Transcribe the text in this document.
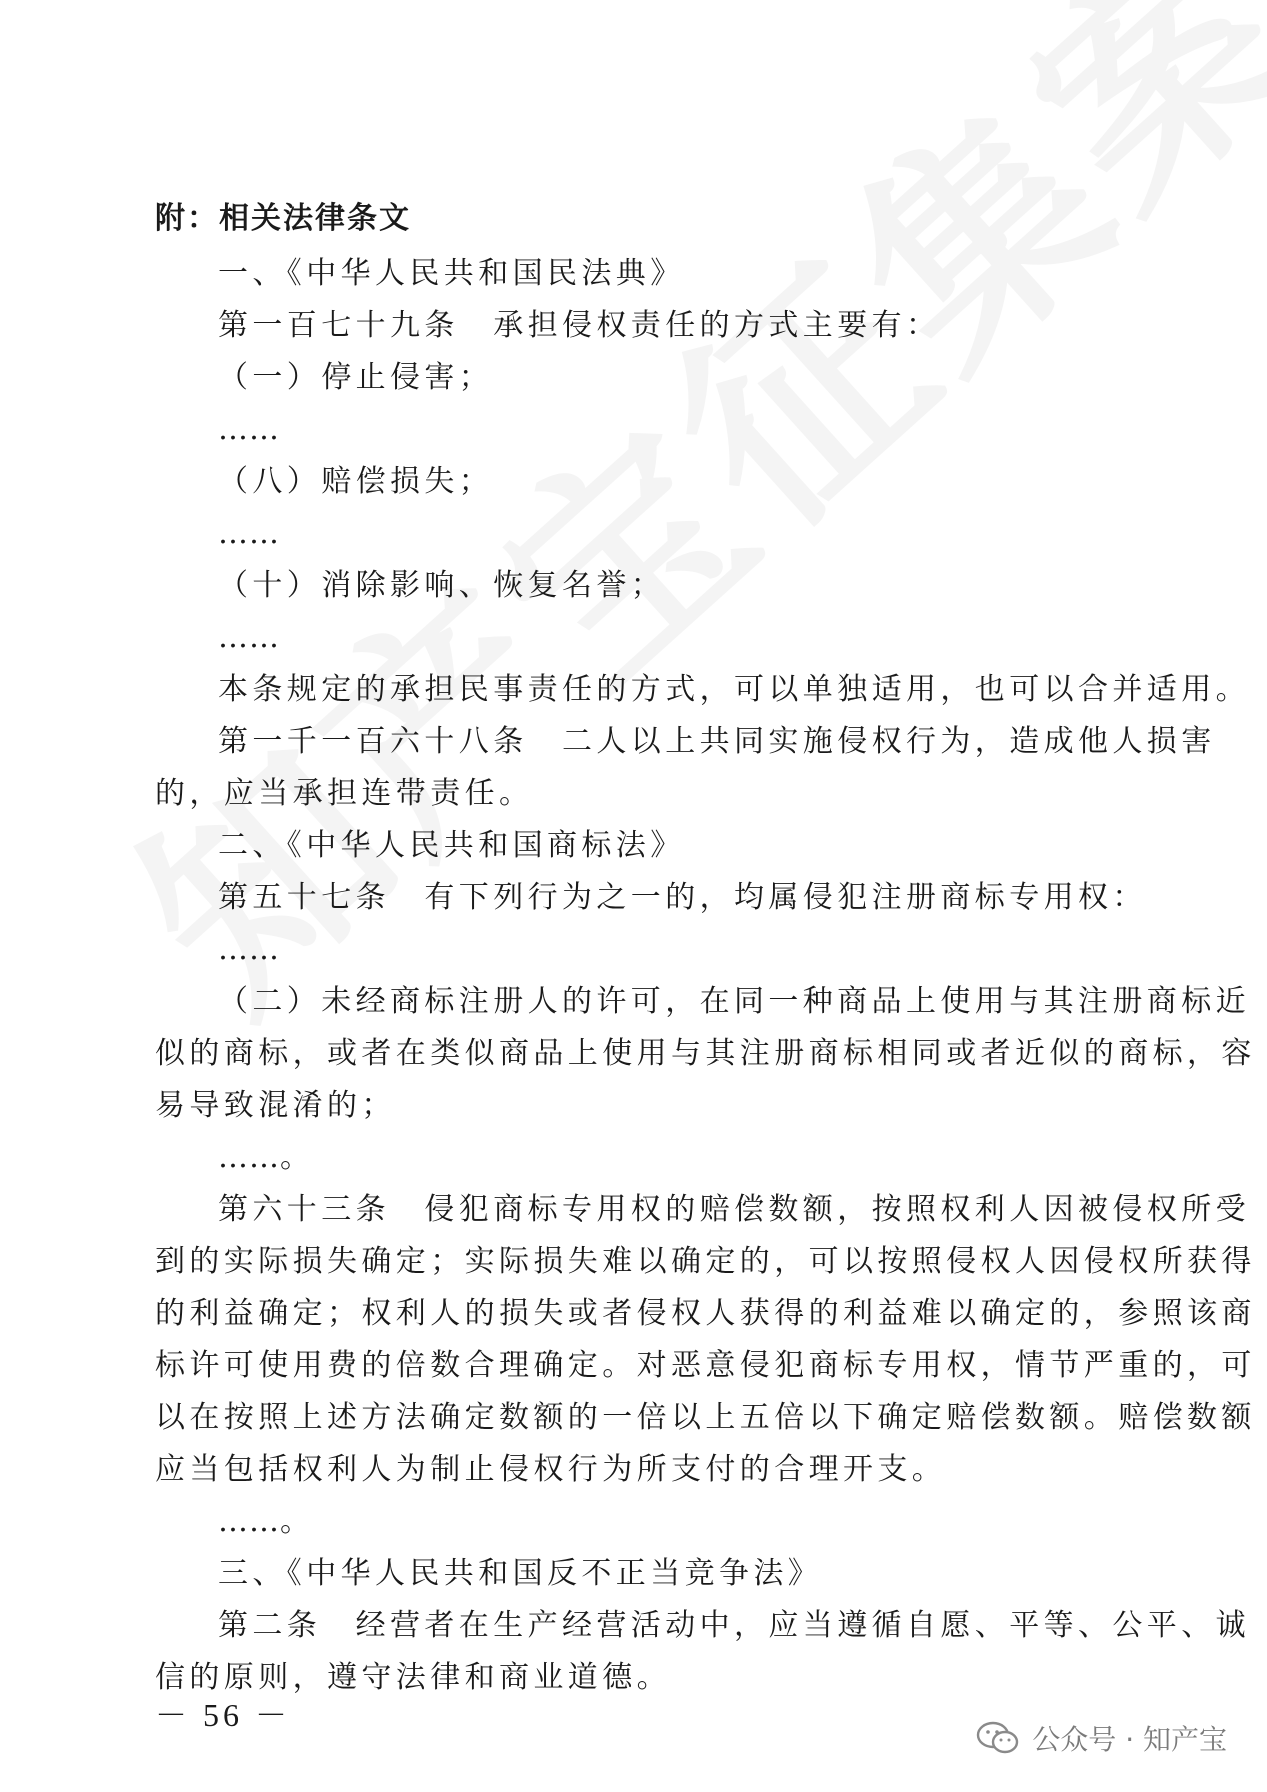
附：相关法律条文
一、《中华人民共和国民法典》
第一百七十九条　承担侵权责任的方式主要有：
（一）停止侵害；
……
（八）赔偿损失；
……
（十）消除影响、恢复名誉；
……
本条规定的承担民事责任的方式，可以单独适用，也可以合并适用。
第一千一百六十八条　二人以上共同实施侵权行为，造成他人损害
的，应当承担连带责任。
二、《中华人民共和国商标法》
第五十七条　有下列行为之一的，均属侵犯注册商标专用权：
……
（二）未经商标注册人的许可，在同一种商品上使用与其注册商标近
似的商标，或者在类似商品上使用与其注册商标相同或者近似的商标，容
易导致混淆的；
……。
第六十三条　侵犯商标专用权的赔偿数额，按照权利人因被侵权所受
到的实际损失确定；实际损失难以确定的，可以按照侵权人因侵权所获得
的利益确定；权利人的损失或者侵权人获得的利益难以确定的，参照该商
标许可使用费的倍数合理确定。对恶意侵犯商标专用权，情节严重的，可
以在按照上述方法确定数额的一倍以上五倍以下确定赔偿数额。赔偿数额
应当包括权利人为制止侵权行为所支付的合理开支。
……。
三、《中华人民共和国反不正当竞争法》
第二条　经营者在生产经营活动中，应当遵循自愿、平等、公平、诚
信的原则，遵守法律和商业道德。
－ 56 －
公众号 · 知产宝
